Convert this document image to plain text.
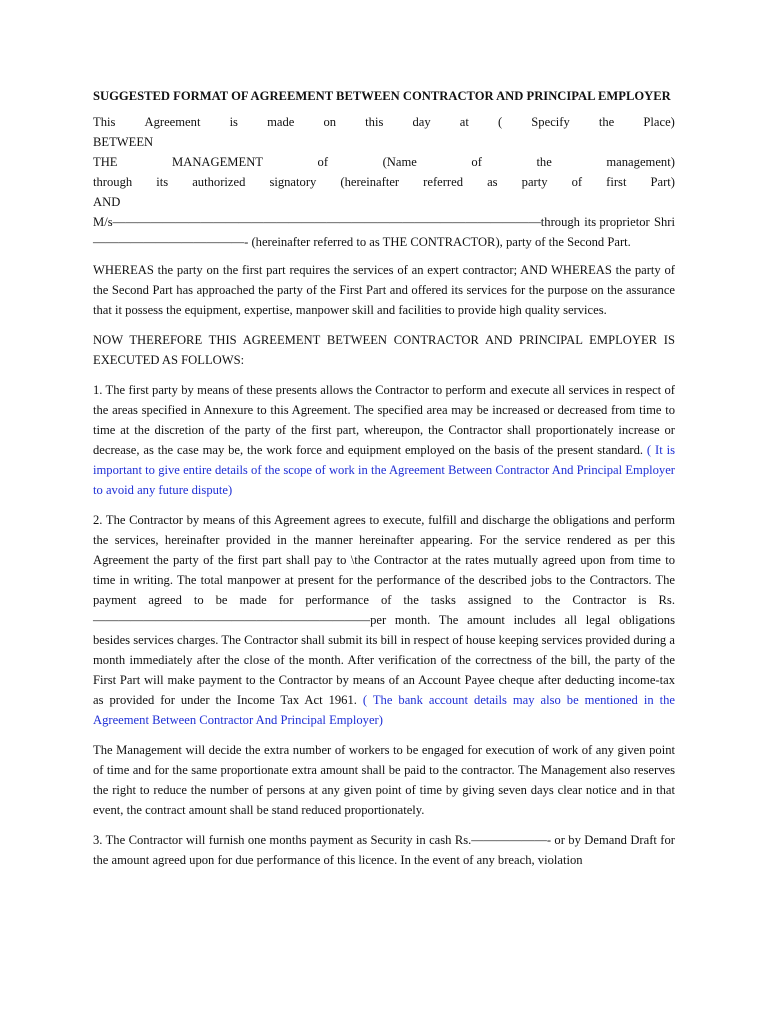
SUGGESTED FORMAT OF AGREEMENT BETWEEN CONTRACTOR AND PRINCIPAL EMPLOYER
This Agreement is made on this day at ( Specify the Place)
BETWEEN
THE	MANAGEMENT	of	(Name	of	the	management)
through its authorized signatory (hereinafter referred as party of first Part)
AND
M/s——————————————————————————————————through its proprietor Shri
————————————- (hereinafter referred to as THE CONTRACTOR), party of the Second Part.

WHEREAS the party on the first part requires the services of an expert contractor; AND WHEREAS the party of the Second Part has approached the party of the First Part and offered its services for the purpose on the assurance that it possess the equipment, expertise, manpower skill and facilities to provide high quality services.

NOW THEREFORE THIS AGREEMENT BETWEEN CONTRACTOR AND PRINCIPAL EMPLOYER IS EXECUTED AS FOLLOWS:

1. The first party by means of these presents allows the Contractor to perform and execute all services in respect of the areas specified in Annexure to this Agreement. The specified area may be increased or decreased from time to time at the discretion of the party of the first part, whereupon, the Contractor shall proportionately increase or decrease, as the case may be, the work force and equipment employed on the basis of the present standard. ( It is important to give entire details of the scope of work in the Agreement Between Contractor And Principal Employer to avoid any future dispute)

2. The Contractor by means of this Agreement agrees to execute, fulfill and discharge the obligations and perform the services, hereinafter provided in the manner hereinafter appearing. For the service rendered as per this Agreement the party of the first part shall pay to \the Contractor at the rates mutually agreed upon from time to time in writing. The total manpower at present for the performance of the described jobs to the Contractors. The payment agreed to be made for performance of the tasks assigned to the Contractor is Rs. ——————————————————————per month. The amount includes all legal obligations besides services charges. The Contractor shall submit its bill in respect of house keeping services provided during a month immediately after the close of the month. After verification of the correctness of the bill, the party of the First Part will make payment to the Contractor by means of an Account Payee cheque after deducting income-tax as provided for under the Income Tax Act 1961. ( The bank account details may also be mentioned in the Agreement Between Contractor And Principal Employer)

The Management will decide the extra number of workers to be engaged for execution of work of any given point of time and for the same proportionate extra amount shall be paid to the contractor. The Management also reserves the right to reduce the number of persons at any given point of time by giving seven days clear notice and in that event, the contract amount shall be stand reduced proportionately.

3. The Contractor will furnish one months payment as Security in cash Rs.——————- or by Demand Draft for the amount agreed upon for due performance of this licence. In the event of any breach, violation
